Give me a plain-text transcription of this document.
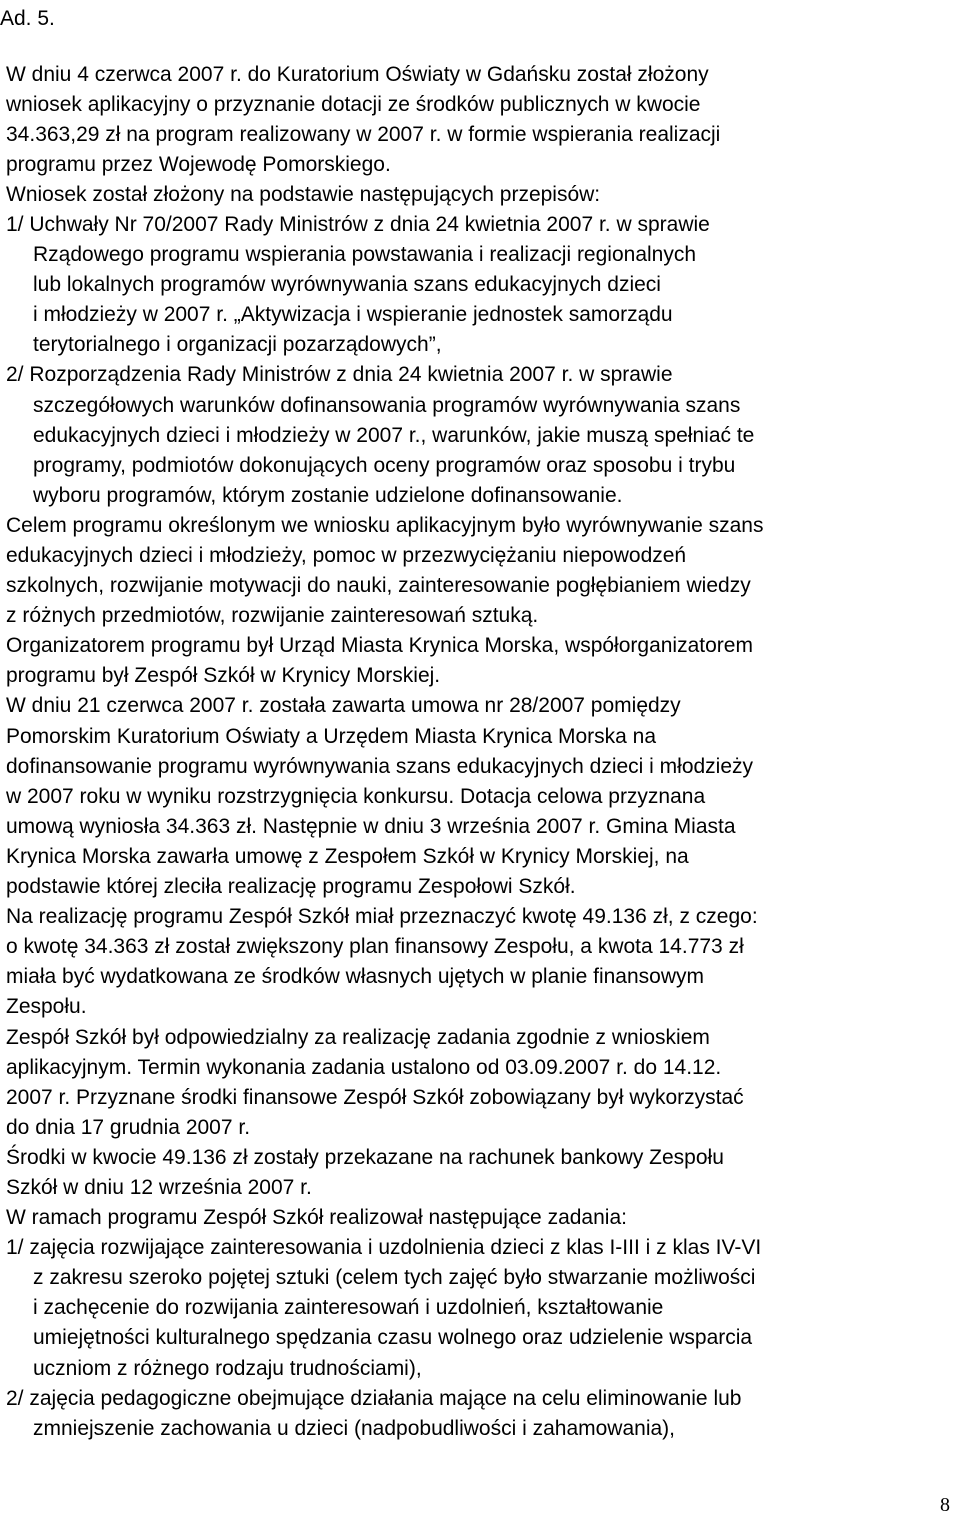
Ad. 5.
W dniu 4 czerwca 2007 r. do Kuratorium Oświaty w Gdańsku został złożony
wniosek aplikacyjny o przyznanie dotacji ze środków publicznych w kwocie
34.363,29 zł na program realizowany w 2007 r. w formie wspierania realizacji
programu przez Wojewodę Pomorskiego.
Wniosek został złożony na podstawie następujących przepisów:
1/ Uchwały Nr 70/2007 Rady Ministrów z dnia 24 kwietnia 2007 r. w sprawie
Rządowego programu wspierania powstawania i realizacji regionalnych
lub lokalnych programów wyrównywania szans edukacyjnych dzieci
i młodzieży w 2007 r. „Aktywizacja i wspieranie jednostek samorządu
terytorialnego i organizacji pozarządowych”,
2/ Rozporządzenia Rady Ministrów z dnia 24 kwietnia 2007 r. w sprawie
szczegółowych warunków dofinansowania programów wyrównywania szans
edukacyjnych dzieci i młodzieży w 2007 r., warunków, jakie muszą spełniać te
programy, podmiotów dokonujących oceny programów oraz sposobu i trybu
wyboru programów, którym zostanie udzielone dofinansowanie.
Celem programu określonym we wniosku aplikacyjnym było wyrównywanie szans
edukacyjnych dzieci i młodzieży, pomoc w przezwyciężaniu niepowodzeń
szkolnych, rozwijanie motywacji do nauki, zainteresowanie pogłębianiem wiedzy
z różnych przedmiotów, rozwijanie zainteresowań sztuką.
Organizatorem programu był Urząd Miasta Krynica Morska, współorganizatorem
programu był Zespół Szkół w Krynicy Morskiej.
W dniu 21 czerwca 2007 r. została zawarta umowa nr 28/2007 pomiędzy
Pomorskim Kuratorium Oświaty a Urzędem Miasta Krynica Morska na
dofinansowanie programu wyrównywania szans edukacyjnych dzieci i młodzieży
w 2007 roku w wyniku rozstrzygnięcia konkursu. Dotacja celowa przyznana
umową wyniosła 34.363 zł. Następnie w dniu 3 września 2007 r. Gmina Miasta
Krynica Morska zawarła umowę z Zespołem Szkół w Krynicy Morskiej, na
podstawie której zleciła realizację programu Zespołowi Szkół.
Na realizację programu Zespół Szkół miał przeznaczyć kwotę 49.136 zł, z czego:
o kwotę 34.363 zł został zwiększony plan finansowy Zespołu, a kwota 14.773 zł
miała być wydatkowana ze środków własnych ujętych w planie finansowym
Zespołu.
Zespół Szkół był odpowiedzialny za realizację zadania zgodnie z wnioskiem
aplikacyjnym. Termin wykonania zadania ustalono od 03.09.2007 r. do 14.12.
2007 r. Przyznane środki finansowe Zespół Szkół zobowiązany był wykorzystać
do dnia 17 grudnia 2007 r.
Środki w kwocie 49.136 zł zostały przekazane na rachunek bankowy Zespołu
Szkół w dniu 12 września 2007 r.
W ramach programu Zespół Szkół realizował następujące zadania:
1/ zajęcia rozwijające zainteresowania i uzdolnienia dzieci z klas I-III i z klas IV-VI
z zakresu szeroko pojętej sztuki (celem tych zajęć było stwarzanie możliwości
i zachęcenie do rozwijania zainteresowań i uzdolnień, kształtowanie
umiejętności kulturalnego spędzania czasu wolnego oraz udzielenie wsparcia
uczniom z różnego rodzaju trudnościami),
2/ zajęcia pedagogiczne obejmujące działania mające na celu eliminowanie lub
zmniejszenie zachowania u dzieci (nadpobudliwości i zahamowania),
8
